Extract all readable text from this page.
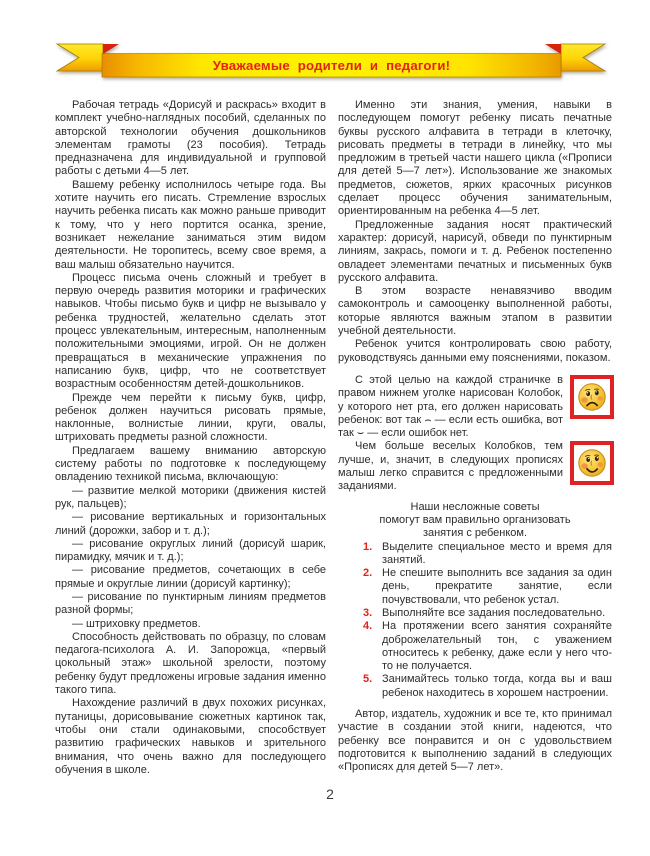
Уважаемые родители и педагоги!
Рабочая тетрадь «Дорисуй и раскрась» входит в комплект учебно-наглядных пособий, сделанных по авторской технологии обучения дошкольников элементам грамоты (23 пособия). Тетрадь предназначена для индивидуальной и групповой работы с детьми 4—5 лет.
Вашему ребенку исполнилось четыре года. Вы хотите научить его писать. Стремление взрослых научить ребенка писать как можно раньше приводит к тому, что у него портится осанка, зрение, возникает нежелание заниматься этим видом деятельности. Не торопитесь, всему свое время, а ваш малыш обязательно научится.
Процесс письма очень сложный и требует в первую очередь развития моторики и графических навыков. Чтобы письмо букв и цифр не вызывало у ребенка трудностей, желательно сделать этот процесс увлекательным, интересным, наполненным положительными эмоциями, игрой. Он не должен превращаться в механические упражнения по написанию букв, цифр, что не соответствует возрастным особенностям детей-дошкольников.
Прежде чем перейти к письму букв, цифр, ребенок должен научиться рисовать прямые, наклонные, волнистые линии, круги, овалы, штриховать предметы разной сложности.
Предлагаем вашему вниманию авторскую систему работы по подготовке к последующему овладению техникой письма, включающую:
— развитие мелкой моторики (движения кистей рук, пальцев);
— рисование вертикальных и горизонтальных линий (дорожки, забор и т. д.);
— рисование округлых линий (дорисуй шарик, пирамидку, мячик и т. д.);
— рисование предметов, сочетающих в себе прямые и округлые линии (дорисуй картинку);
— рисование по пунктирным линиям предметов разной формы;
— штриховку предметов.
Способность действовать по образцу, по словам педагога-психолога А. И. Запорожца, «первый цокольный этаж» школьной зрелости, поэтому ребенку будут предложены игровые задания именно такого типа.
Нахождение различий в двух похожих рисунках, путаницы, дорисовывание сюжетных картинок так, чтобы они стали одинаковыми, способствует развитию графических навыков и зрительного внимания, что очень важно для последующего обучения в школе.
Именно эти знания, умения, навыки в последующем помогут ребенку писать печатные буквы русского алфавита в тетради в клеточку, рисовать предметы в тетради в линейку, что мы предложим в третьей части нашего цикла («Прописи для детей 5—7 лет»). Использование же знакомых предметов, сюжетов, ярких красочных рисунков сделает процесс обучения занимательным, ориентированным на ребенка 4—5 лет.
Предложенные задания носят практический характер: дорисуй, нарисуй, обведи по пунктирным линиям, закрась, помоги и т. д. Ребенок постепенно овладеет элементами печатных и письменных букв русского алфавита.
В этом возрасте ненавязчиво вводим самоконтроль и самооценку выполненной работы, которые являются важным этапом в развитии учебной деятельности.
Ребенок учится контролировать свою работу, руководствуясь данными ему пояснениями, показом.
С этой целью на каждой страничке в правом нижнем уголке нарисован Колобок, у которого нет рта, его должен нарисовать ребенок: вот так ⌢ — если есть ошибка, вот так ⌣ — если ошибок нет.
Чем больше веселых Колобков, тем лучше, и, значит, в следующих прописях малыш легко справится с предложенными заданиями.
Наши несложные советы
помогут вам правильно организовать
занятия с ребенком.
1. Выделите специальное место и время для занятий.
2. Не спешите выполнить все задания за один день, прекратите занятие, если почувствовали, что ребенок устал.
3. Выполняйте все задания последовательно.
4. На протяжении всего занятия сохраняйте доброжелательный тон, с уважением относитесь к ребенку, даже если у него что-то не получается.
5. Занимайтесь только тогда, когда вы и ваш ребенок находитесь в хорошем настроении.
Автор, издатель, художник и все те, кто принимал участие в создании этой книги, надеются, что ребенку все понравится и он с удовольствием подготовится к выполнению заданий в следующих «Прописях для детей 5—7 лет».
2
